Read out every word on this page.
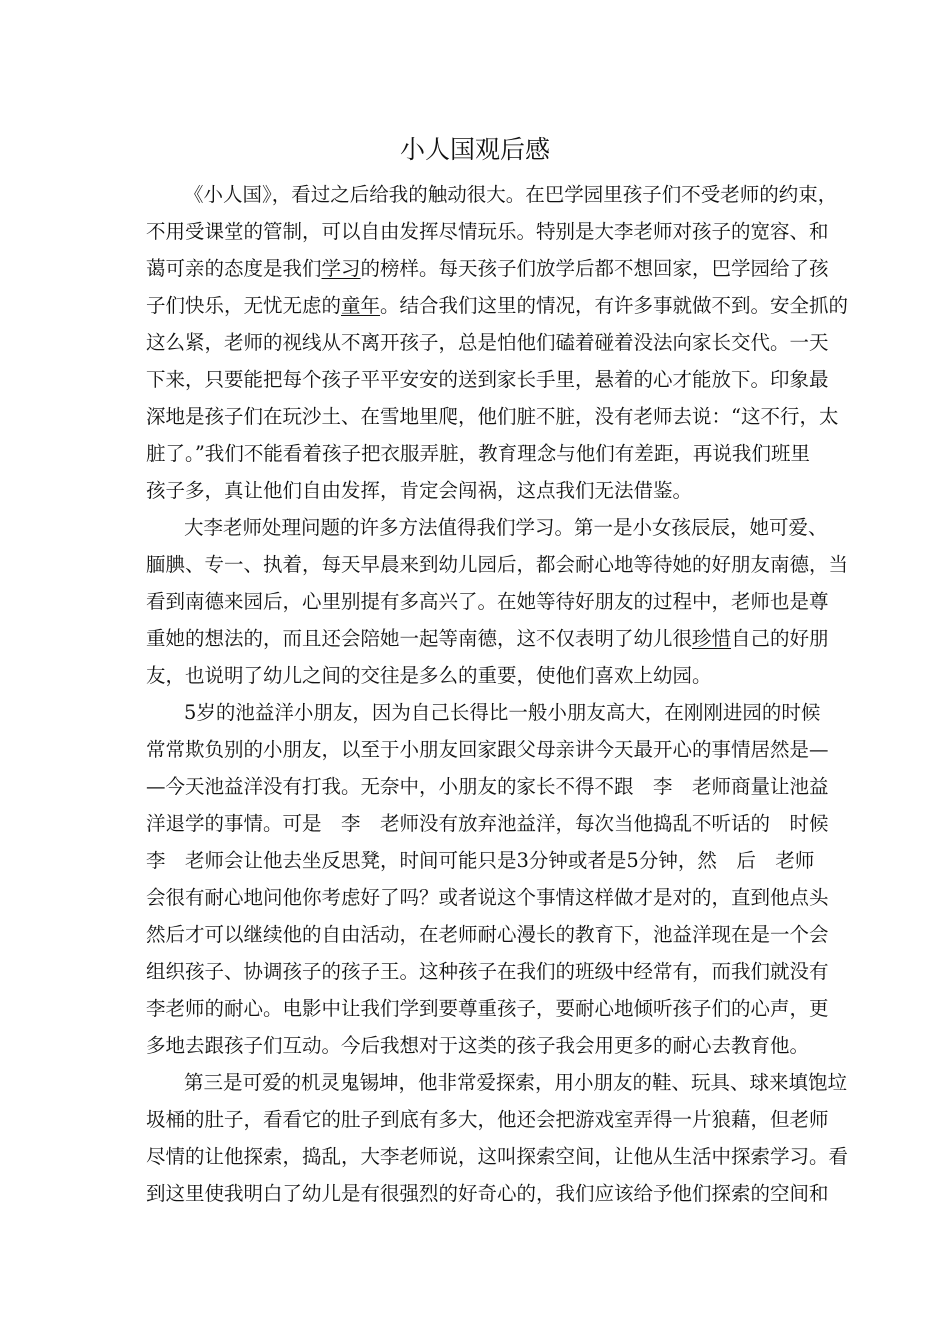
小人国观后感
《小人国》，看过之后给我的触动很大。在巴学园里孩子们不受老师的约束，
不用受课堂的管制，可以自由发挥尽情玩乐。特别是大李老师对孩子的宽容、和
蔼可亲的态度是我们学习的榜样。每天孩子们放学后都不想回家，巴学园给了孩
子们快乐，无忧无虑的童年。结合我们这里的情况，有许多事就做不到。安全抓的
这么紧，老师的视线从不离开孩子，总是怕他们磕着碰着没法向家长交代。一天
下来，只要能把每个孩子平平安安的送到家长手里，悬着的心才能放下。印象最
深地是孩子们在玩沙土、在雪地里爬，他们脏不脏，没有老师去说：“这不行，太
脏了。”我们不能看着孩子把衣服弄脏，教育理念与他们有差距，再说我们班里
孩子多，真让他们自由发挥，肯定会闯祸，这点我们无法借鉴。
大李老师处理问题的许多方法值得我们学习。第一是小女孩辰辰，她可爱、
腼腆、专一、执着，每天早晨来到幼儿园后，都会耐心地等待她的好朋友南德，当
看到南德来园后，心里别提有多高兴了。在她等待好朋友的过程中，老师也是尊
重她的想法的，而且还会陪她一起等南德，这不仅表明了幼儿很珍惜自己的好朋
友，也说明了幼儿之间的交往是多么的重要，使他们喜欢上幼园。
5岁的池益洋小朋友，因为自己长得比一般小朋友高大，在刚刚进园的时候
常常欺负别的小朋友，以至于小朋友回家跟父母亲讲今天最开心的事情居然是—
—今天池益洋没有打我。无奈中，小朋友的家长不得不跟　李　老师商量让池益
洋退学的事情。可是　李　老师没有放弃池益洋，每次当他捣乱不听话的　时候
李　老师会让他去坐反思凳，时间可能只是3分钟或者是5分钟，然　后　老师
会很有耐心地问他你考虑好了吗？或者说这个事情这样做才是对的，直到他点头
然后才可以继续他的自由活动，在老师耐心漫长的教育下，池益洋现在是一个会
组织孩子、协调孩子的孩子王。这种孩子在我们的班级中经常有，而我们就没有
李老师的耐心。电影中让我们学到要尊重孩子，要耐心地倾听孩子们的心声，更
多地去跟孩子们互动。今后我想对于这类的孩子我会用更多的耐心去教育他。
第三是可爱的机灵鬼锡坤，他非常爱探索，用小朋友的鞋、玩具、球来填饱垃
圾桶的肚子，看看它的肚子到底有多大，他还会把游戏室弄得一片狼藉，但老师
尽情的让他探索，捣乱，大李老师说，这叫探索空间，让他从生活中探索学习。看
到这里使我明白了幼儿是有很强烈的好奇心的，我们应该给予他们探索的空间和
